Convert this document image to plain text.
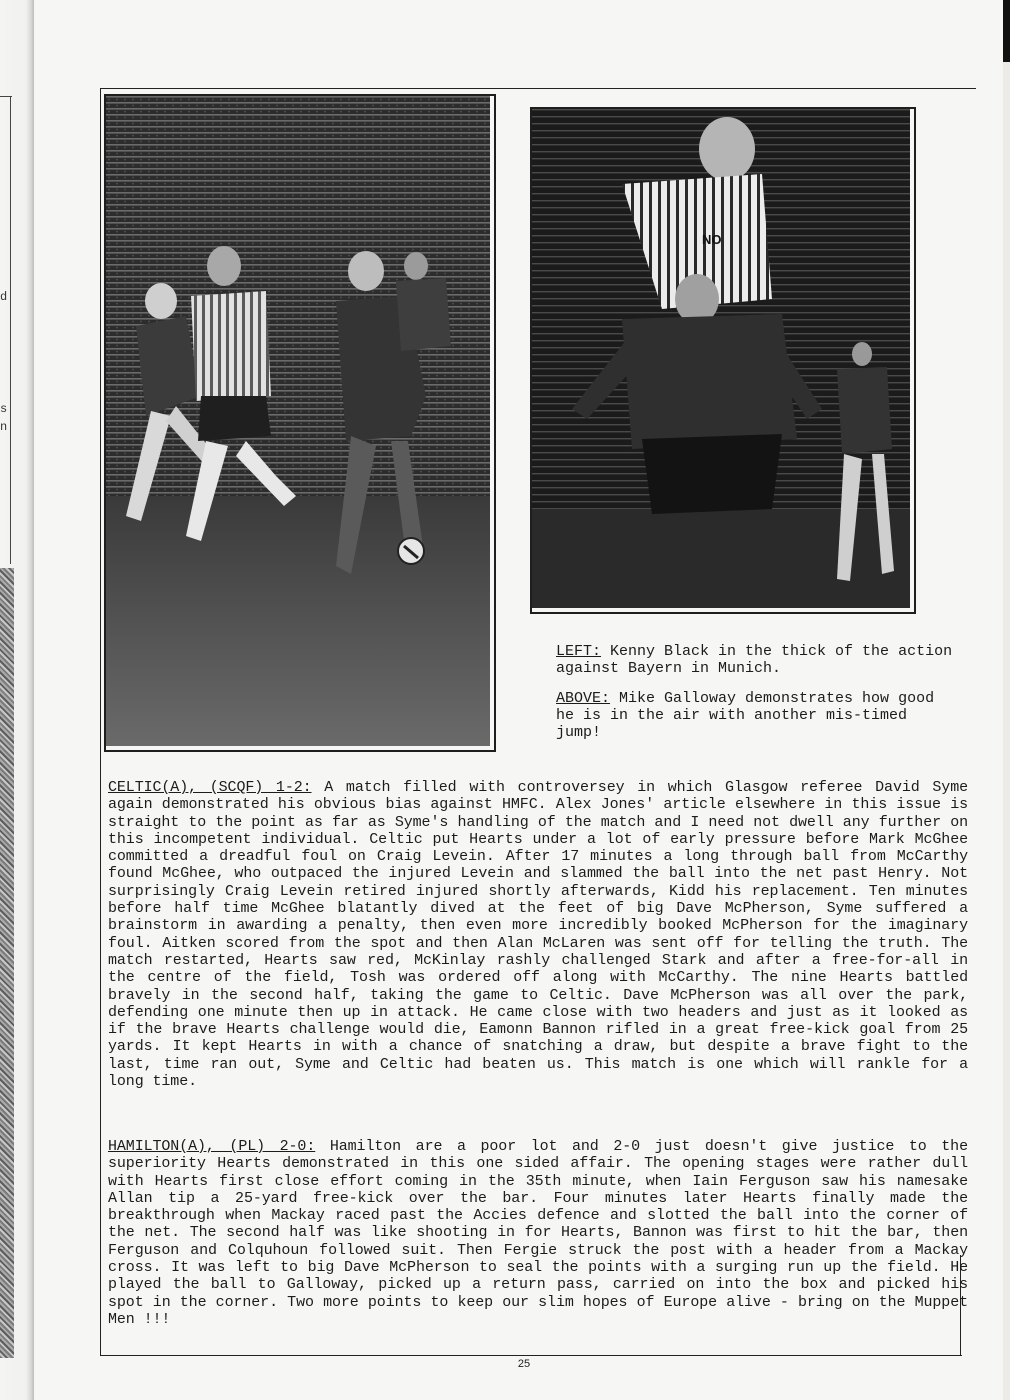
d
s
n
NO
LEFT: Kenny Black in the thick of the action against Bayern in Munich.
ABOVE: Mike Galloway demonstrates how good he is in the air with another mis-timed jump!

CELTIC(A), (SCQF) 1-2: A match filled with controversey in which Glasgow referee David Syme again demonstrated his obvious bias against HMFC. Alex Jones' article elsewhere in this issue is straight to the point as far as Syme's handling of the match and I need not dwell any further on this incompetent individual. Celtic put Hearts under a lot of early pressure before Mark McGhee committed a dreadful foul on Craig Levein. After 17 minutes a long through ball from McCarthy found McGhee, who outpaced the injured Levein and slammed the ball into the net past Henry. Not surprisingly Craig Levein retired injured shortly afterwards, Kidd his replacement. Ten minutes before half time McGhee blatantly dived at the feet of big Dave McPherson, Syme suffered a brainstorm in awarding a penalty, then even more incredibly booked McPherson for the imaginary foul. Aitken scored from the spot and then Alan McLaren was sent off for telling the truth. The match restarted, Hearts saw red, McKinlay rashly challenged Stark and after a free-for-all in the centre of the field, Tosh was ordered off along with McCarthy. The nine Hearts battled bravely in the second half, taking the game to Celtic. Dave McPherson was all over the park, defending one minute then up in attack. He came close with two headers and just as it looked as if the brave Hearts challenge would die, Eamonn Bannon rifled in a great free-kick goal from 25 yards. It kept Hearts in with a chance of snatching a draw, but despite a brave fight to the last, time ran out, Syme and Celtic had beaten us. This match is one which will rankle for a long time.

HAMILTON(A), (PL) 2-0: Hamilton are a poor lot and 2-0 just doesn't give justice to the superiority Hearts demonstrated in this one sided affair. The opening stages were rather dull with Hearts first close effort coming in the 35th minute, when Iain Ferguson saw his namesake Allan tip a 25-yard free-kick over the bar. Four minutes later Hearts finally made the breakthrough when Mackay raced past the Accies defence and slotted the ball into the corner of the net. The second half was like shooting in for Hearts, Bannon was first to hit the bar, then Ferguson and Colquhoun followed suit. Then Fergie struck the post with a header from a Mackay cross. It was left to big Dave McPherson to seal the points with a surging run up the field. He played the ball to Galloway, picked up a return pass, carried on into the box and picked his spot in the corner. Two more points to keep our slim hopes of Europe alive - bring on the Muppet Men !!!

25
